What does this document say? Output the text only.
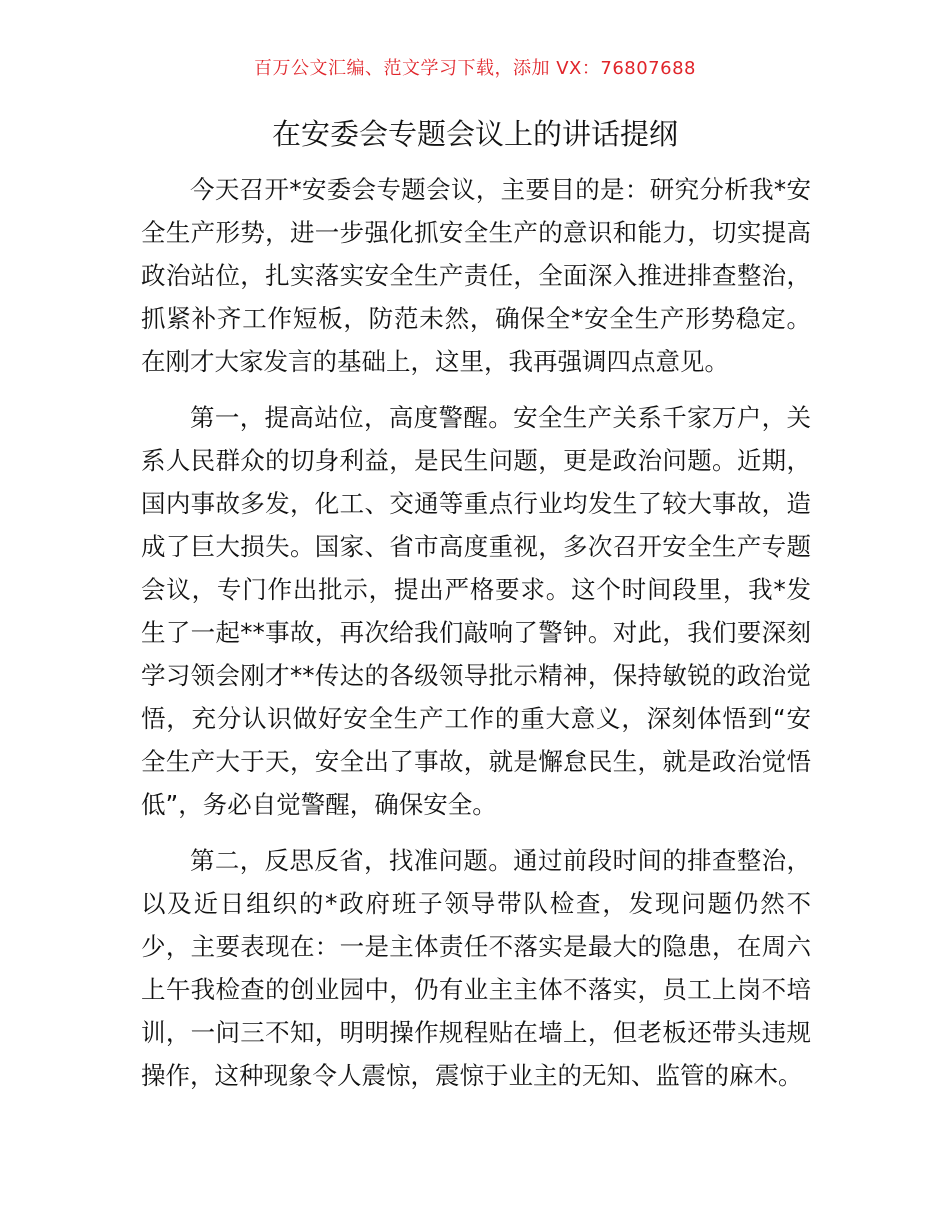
百万公文汇编、范文学习下载，添加 VX：76807688
在安委会专题会议上的讲话提纲

今天召开*安委会专题会议，主要目的是：研究分析我*安全生产形势，进一步强化抓安全生产的意识和能力，切实提高政治站位，扎实落实安全生产责任，全面深入推进排查整治，抓紧补齐工作短板，防范未然，确保全*安全生产形势稳定。在刚才大家发言的基础上，这里，我再强调四点意见。

第一，提高站位，高度警醒。安全生产关系千家万户，关系人民群众的切身利益，是民生问题，更是政治问题。近期，国内事故多发，化工、交通等重点行业均发生了较大事故，造成了巨大损失。国家、省市高度重视，多次召开安全生产专题会议，专门作出批示，提出严格要求。这个时间段里，我*发生了一起**事故，再次给我们敲响了警钟。对此，我们要深刻学习领会刚才**传达的各级领导批示精神，保持敏锐的政治觉悟，充分认识做好安全生产工作的重大意义，深刻体悟到“安全生产大于天，安全出了事故，就是懈怠民生，就是政治觉悟低”，务必自觉警醒，确保安全。

第二，反思反省，找准问题。通过前段时间的排查整治，以及近日组织的*政府班子领导带队检查，发现问题仍然不少，主要表现在：一是主体责任不落实是最大的隐患，在周六上午我检查的创业园中，仍有业主主体不落实，员工上岗不培训，一问三不知，明明操作规程贴在墙上，但老板还带头违规操作，这种现象令人震惊，震惊于业主的无知、监管的麻木。
